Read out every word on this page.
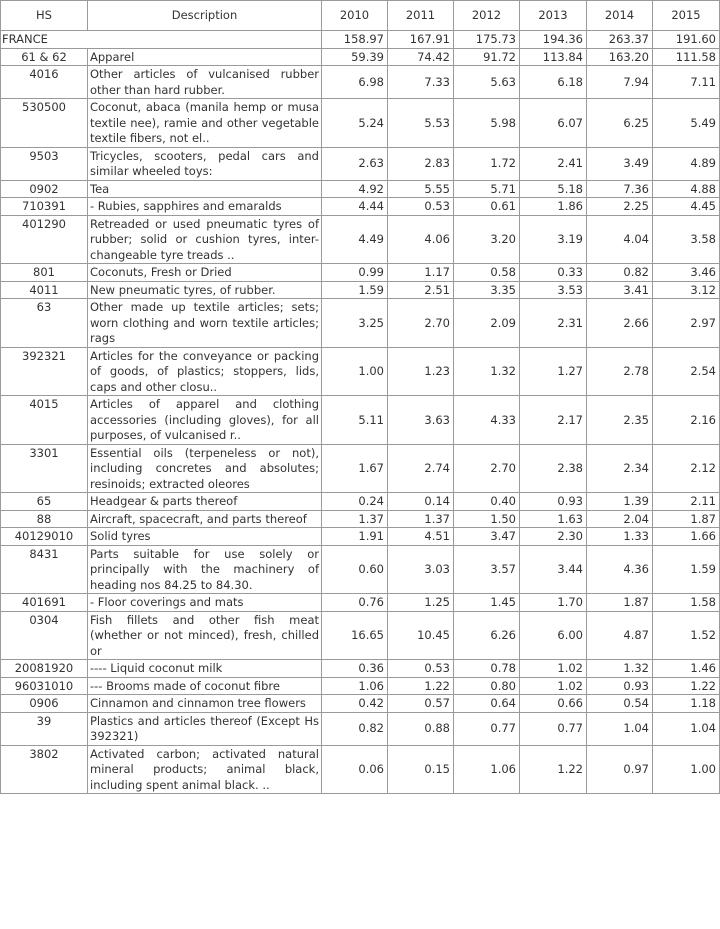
HS	Description	2010	2011	2012	2013	2014	2015
FRANCE		158.97	167.91	175.73	194.36	263.37	191.60
61 & 62	Apparel	59.39	74.42	91.72	113.84	163.20	111.58
4016	Other articles of vulcanised rubber other than hard rubber.	6.98	7.33	5.63	6.18	7.94	7.11
530500	Coconut, abaca (manila hemp or musa textile nee), ramie and other vegetable textile fibers, not el..	5.24	5.53	5.98	6.07	6.25	5.49
9503	Tricycles, scooters, pedal cars and similar wheeled toys:	2.63	2.83	1.72	2.41	3.49	4.89
0902	Tea	4.92	5.55	5.71	5.18	7.36	4.88
710391	- Rubies, sapphires and emaralds	4.44	0.53	0.61	1.86	2.25	4.45
401290	Retreaded or used pneumatic tyres of rubber; solid or cushion tyres, inter-changeable tyre treads ..	4.49	4.06	3.20	3.19	4.04	3.58
801	Coconuts, Fresh or Dried	0.99	1.17	0.58	0.33	0.82	3.46
4011	New pneumatic tyres, of rubber.	1.59	2.51	3.35	3.53	3.41	3.12
63	Other made up textile articles; sets; worn clothing and worn textile articles; rags	3.25	2.70	2.09	2.31	2.66	2.97
392321	Articles for the conveyance or packing of goods, of plastics; stoppers, lids, caps and other closu..	1.00	1.23	1.32	1.27	2.78	2.54
4015	Articles of apparel and clothing accessories (including gloves), for all purposes, of vulcanised r..	5.11	3.63	4.33	2.17	2.35	2.16
3301	Essential oils (terpeneless or not), including concretes and absolutes; resinoids; extracted oleores	1.67	2.74	2.70	2.38	2.34	2.12
65	Headgear & parts thereof	0.24	0.14	0.40	0.93	1.39	2.11
88	Aircraft, spacecraft, and parts thereof	1.37	1.37	1.50	1.63	2.04	1.87
40129010	Solid tyres	1.91	4.51	3.47	2.30	1.33	1.66
8431	Parts suitable for use solely or principally with the machinery of heading nos 84.25 to 84.30.	0.60	3.03	3.57	3.44	4.36	1.59
401691	- Floor coverings and mats	0.76	1.25	1.45	1.70	1.87	1.58
0304	Fish fillets and other fish meat (whether or not minced), fresh, chilled or	16.65	10.45	6.26	6.00	4.87	1.52
20081920	---- Liquid coconut milk	0.36	0.53	0.78	1.02	1.32	1.46
96031010	--- Brooms made of coconut fibre	1.06	1.22	0.80	1.02	0.93	1.22
0906	Cinnamon and cinnamon tree flowers	0.42	0.57	0.64	0.66	0.54	1.18
39	Plastics and articles thereof (Except Hs 392321)	0.82	0.88	0.77	0.77	1.04	1.04
3802	Activated carbon; activated natural mineral products; animal black, including spent animal black. ..	0.06	0.15	1.06	1.22	0.97	1.00
